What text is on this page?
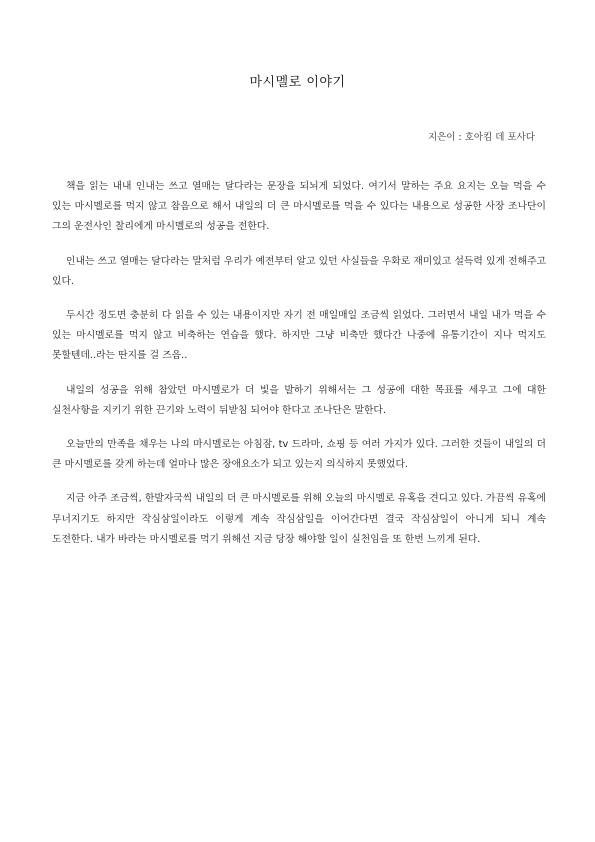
마시멜로 이야기
지은이 : 호아킴 데 포사다

책을 읽는 내내 인내는 쓰고 열매는 달다라는 문장을 되뇌게 되었다. 여기서 말하는 주요 요지는 오늘 먹을 수 있는 마시멜로를 먹지 않고 참음으로 해서 내일의 더 큰 마시멜로를 먹을 수 있다는 내용으로 성공한 사장 조나단이 그의 운전사인 찰리에게 마시멜로의 성공을 전한다.

인내는 쓰고 열매는 달다라는 말처럼 우리가 예전부터 알고 있던 사실들을 우화로 재미있고 설득력 있게 전해주고 있다.

두시간 정도면 충분히 다 읽을 수 있는 내용이지만 자기 전 매일매일 조금씩 읽었다. 그러면서 내일 내가 먹을 수 있는 마시멜로를 먹지 않고 비축하는 연습을 했다. 하지만 그냥 비축만 했다간 나중에 유통기간이 지나 먹지도 못할텐데..라는 딴지를 걸 즈음..

내일의 성공을 위해 참았던 마시멜로가 더 빛을 발하기 위해서는 그 성공에 대한 목표를 세우고 그에 대한 실천사항을 지키기 위한 끈기와 노력이 뒤받침 되어야 한다고 조나단은 말한다.

오늘만의 만족을 채우는 나의 마시멜로는 아침잠, tv 드라마, 쇼핑 등 여러 가지가 있다. 그러한 것들이 내일의 더 큰 마시멜로를 갖게 하는데 얼마나 많은 장애요소가 되고 있는지 의식하지 못했었다.

지금 아주 조금씩, 한발자국씩 내일의 더 큰 마시멜로를 위해 오늘의 마시멜로 유혹을 견디고 있다. 가끔씩 유혹에 무너지기도 하지만 작심삼일이라도 이렇게 계속 작심삼일을 이어간다면 결국 작심삼일이 아니게 되니 계속 도전한다. 내가 바라는 마시멜로를 먹기 위해선 지금 당장 해야할 일이 실천임을 또 한번 느끼게 된다.
